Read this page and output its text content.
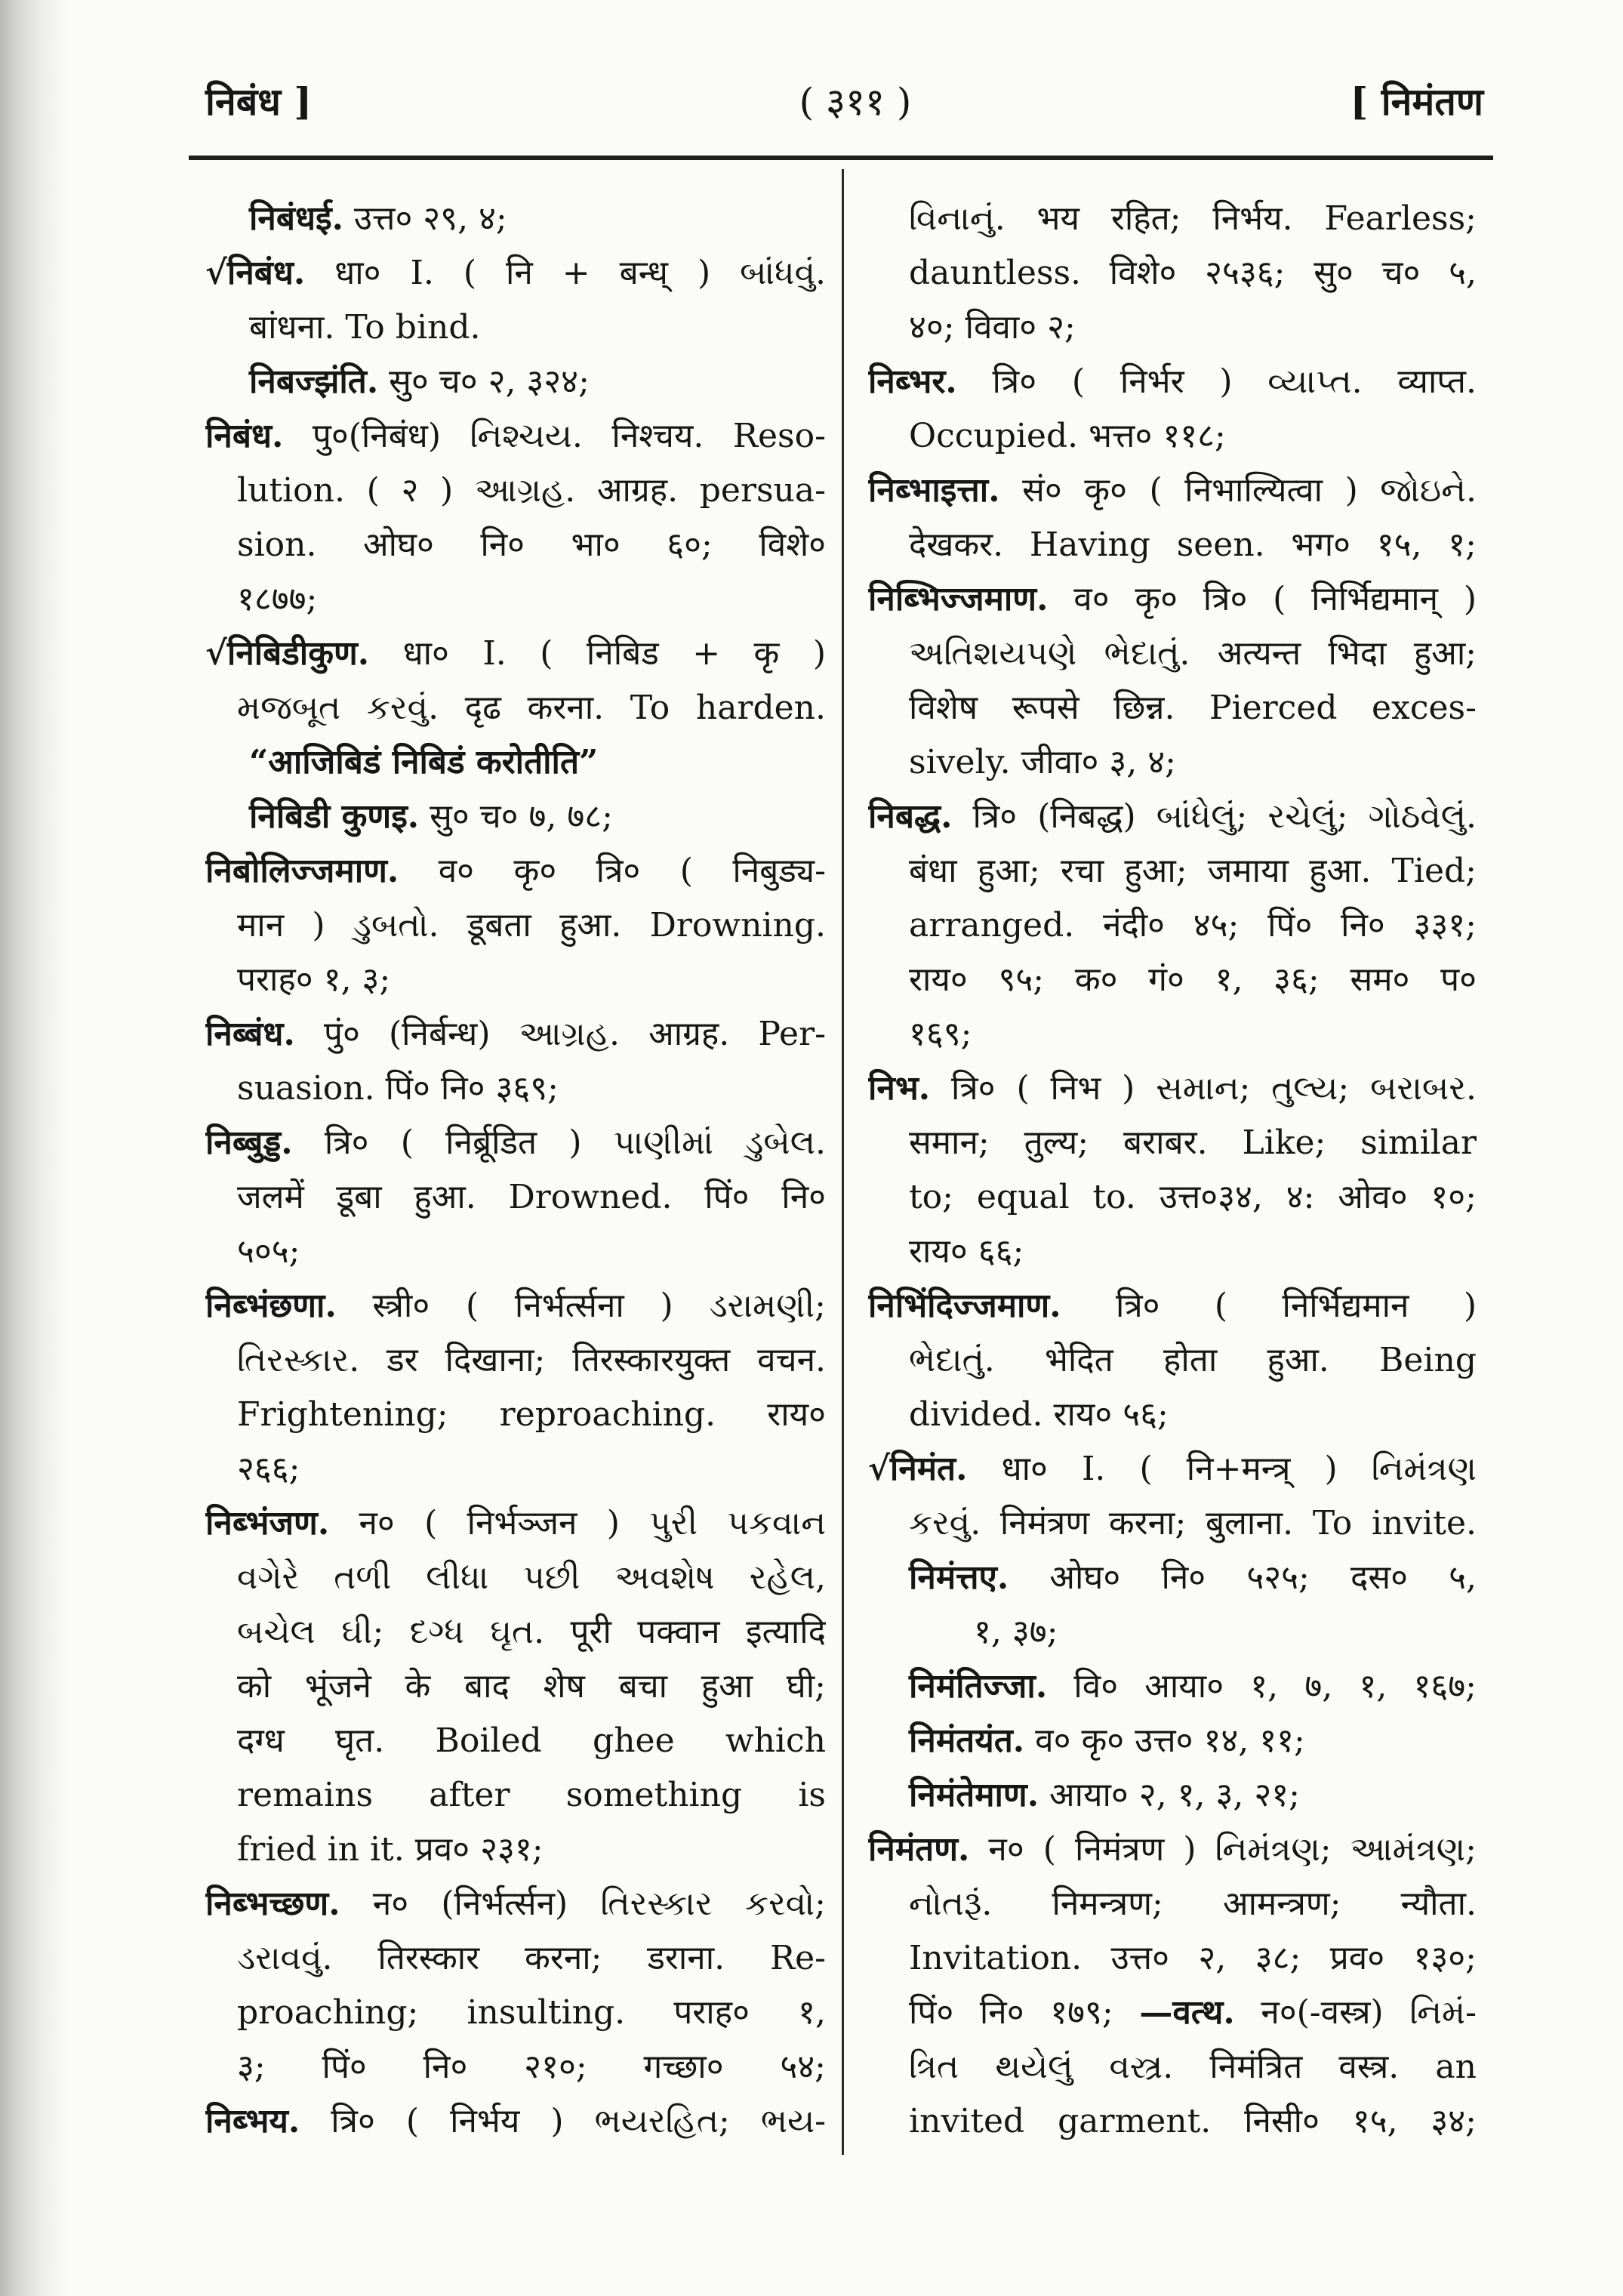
निबंध ]	( ३११ )	[ निमंतण
निबंधई. उत्त० २९, ४;
√निबंध. धा० I. ( नि + बन्ध् ) બાંધવું.
बांधना. To bind.
निबज्झंति. सु० च० २, ३२४;
निबंध. पु०(निबंध) નિશ્ચય. निश्चय. Reso-
lution. ( २ ) આગ્રહ. आग्रह. persua-
sion. ओघ० नि० भा० ६०; विशे०
१८७७;
√निबिडीकुण. धा० I. ( निबिड + कृ )
મજબૂત કરવું. दृढ करना. To harden.
“आजिबिडं निबिडं करोतीति”
निबिडी कुणइ. सु० च० ७, ७८;
निबोलिज्जमाण. व० कृ० त्रि० ( निबुड्य-
मान ) ડુબતો. डूबता हुआ. Drowning.
पराह० १, ३;
निब्बंध. पुं० (निर्बन्ध) આગ્રહ. आग्रह. Per-
suasion. पिं० नि० ३६९;
निब्बुड्ड. त्रि० ( निर्ब्रूडित ) પાણીમાં ડુબેલ.
जलमें डूबा हुआ. Drowned. पिं० नि०
५०५;
निब्भंछणा. स्त्री० ( निर्भर्त्सना ) ડરામણી;
તિરસ્કાર. डर दिखाना; तिरस्कारयुक्त वचन.
Frightening; reproaching. राय०
२६६;
निब्भंजण. न० ( निर्भञ्जन ) પુરી પકવાન
વગેરે તળી લીધા પછી અવશેષ રહેલ,
બચેલ ઘી; દગ્ધ ઘૃત. पूरी पक्वान इत्यादि
को भूंजने के बाद शेष बचा हुआ घी;
दग्ध घृत. Boiled ghee which
remains after something is
fried in it. प्रव० २३१;
निब्भच्छण. न० (निर्भर्त्सन) તિરસ્કાર કરવો;
ડરાવવું. तिरस्कार करना; डराना. Re-
proaching; insulting. पराह० १,
३; पिं० नि० २१०; गच्छा० ५४;
निब्भय. त्रि० ( निर्भय ) ભયરહિત; ભય-
વિનાનું. भय रहित; निर्भय. Fearless;
dauntless. विशे० २५३६; सु० च० ५,
४०; विवा० २;
निब्भर. त्रि० ( निर्भर ) વ્યાપ્ત. व्याप्त.
Occupied. भत्त० ११८;
निब्भाइत्ता. सं० कृ० ( निभाल्यित्वा ) જોઇને.
देखकर. Having seen. भग० १५, १;
निब्भिज्जमाण. व० कृ० त्रि० ( निर्भिद्यमान् )
અતિશયપણે ભેદાતું. अत्यन्त भिदा हुआ;
विशेष रूपसे छिन्न. Pierced exces-
sively. जीवा० ३, ४;
निबद्ध. त्रि० (निबद्ध) બાંધેલું; રચેલું; ગોઠવેલું.
बंधा हुआ; रचा हुआ; जमाया हुआ. Tied;
arranged. नंदी० ४५; पिं० नि० ३३१;
राय० ९५; क० गं० १, ३६; सम० प०
१६९;
निभ. त्रि० ( निभ ) સમાન; તુલ્ય; બરાબર.
समान; तुल्य; बराबर. Like; similar
to; equal to. उत्त०३४, ४: ओव० १०;
राय० ६६;
निभिंदिज्जमाण. त्रि० ( निर्भिद्यमान )
ભેદાતું. भेदित होता हुआ. Being
divided. राय० ५६;
√निमंत. धा० I. ( नि+मन्त्र् ) નિમંત્રણ
કરવું. निमंत्रण करना; बुलाना. To invite.
निमंत्तए. ओघ० नि० ५२५; दस० ५,
१, ३७;
निमंतिज्जा. वि० आया० १, ७, १, १६७;
निमंतयंत. व० कृ० उत्त० १४, ११;
निमंतेमाण. आया० २, १, ३, २१;
निमंतण. न० ( निमंत्रण ) નિમંત્રણ; આમંત્રણ;
નોતરૂં. निमन्त्रण; आमन्त्रण; न्यौता.
Invitation. उत्त० २, ३८; प्रव० १३०;
पिं० नि० १७९; —वत्थ. न०(-वस्त्र) નિમં-
ત્રિત થયેલું વસ્ત્ર. निमंत्रित वस्त्र. an
invited garment. निसी० १५, ३४;
